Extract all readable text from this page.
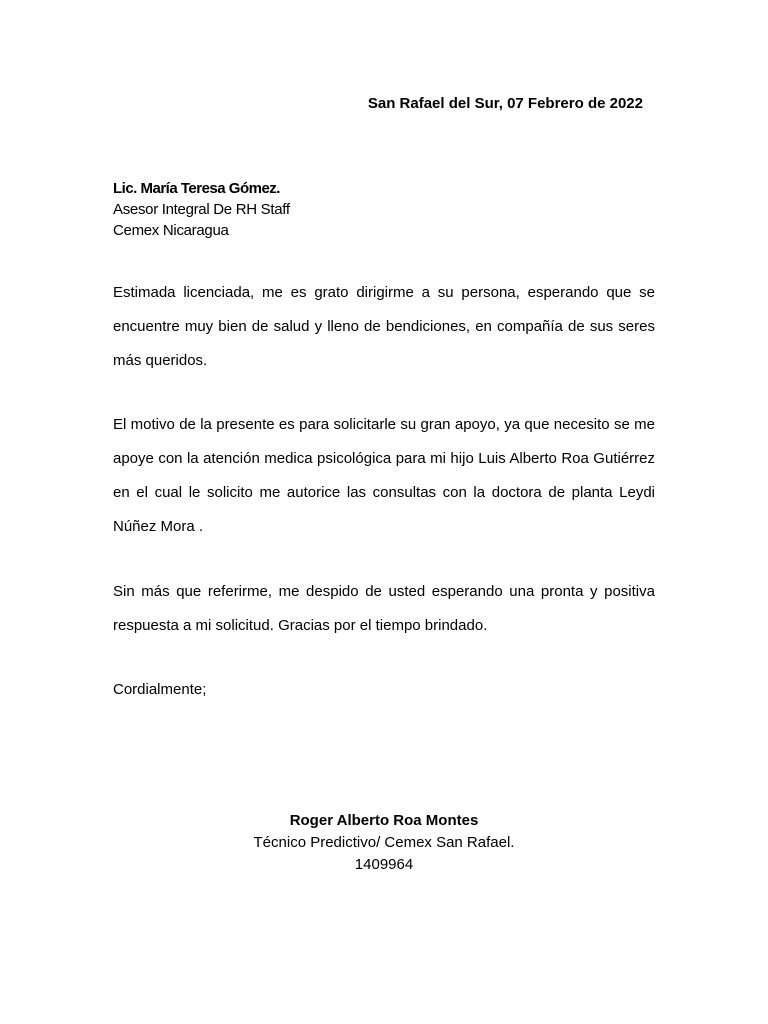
San Rafael del Sur, 07 Febrero de 2022
Lic. María Teresa Gómez.
Asesor Integral De RH Staff
Cemex Nicaragua
Estimada licenciada, me es grato dirigirme a su persona, esperando que se encuentre muy bien de salud y lleno de bendiciones, en compañía de sus seres más queridos.
El motivo de la presente es para solicitarle su gran apoyo, ya que necesito se me apoye con la atención medica psicológica para mi hijo Luis Alberto Roa Gutiérrez en el cual le solicito me autorice las consultas con la doctora de planta Leydi Núñez Mora .
Sin más que referirme, me despido de usted esperando una pronta y positiva respuesta a mi solicitud. Gracias por el tiempo brindado.
Cordialmente;
Roger Alberto Roa Montes
Técnico Predictivo/ Cemex San Rafael.
1409964
